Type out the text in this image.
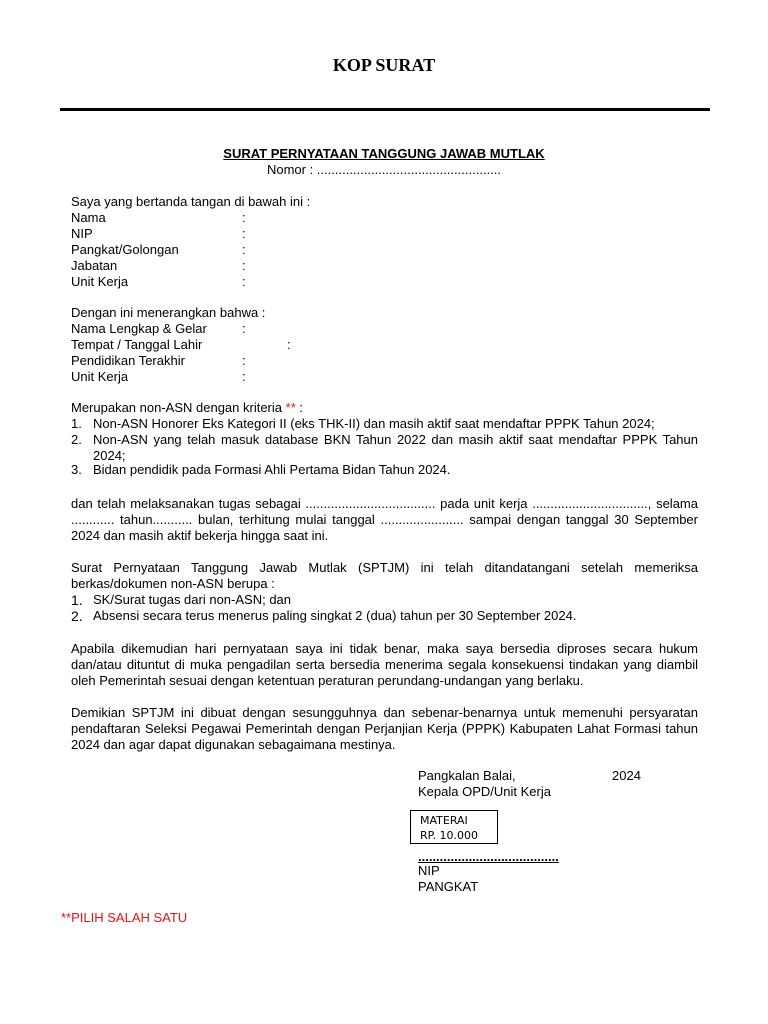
KOP SURAT
SURAT PERNYATAAN TANGGUNG JAWAB MUTLAK
Nomor : ...................................................
Saya yang bertanda tangan di bawah ini :
Nama	:
NIP	:
Pangkat/Golongan	:
Jabatan	:
Unit Kerja	:
Dengan ini menerangkan bahwa :
Nama Lengkap & Gelar	:
Tempat / Tanggal Lahir	:
Pendidikan Terakhir	:
Unit Kerja	:
Merupakan non-ASN dengan kriteria ** :
1. Non-ASN Honorer Eks Kategori II (eks THK-II) dan masih aktif saat mendaftar PPPK Tahun 2024;
2. Non-ASN yang telah masuk database BKN Tahun 2022 dan masih aktif saat mendaftar PPPK Tahun 2024;
3. Bidan pendidik pada Formasi Ahli Pertama Bidan Tahun 2024.
dan telah melaksanakan tugas sebagai .................................... pada unit kerja ................................, selama ............ tahun........... bulan, terhitung mulai tanggal ....................... sampai dengan tanggal 30 September 2024 dan masih aktif bekerja hingga saat ini.
Surat Pernyataan Tanggung Jawab Mutlak (SPTJM) ini telah ditandatangani setelah memeriksa berkas/dokumen non-ASN berupa :
1. SK/Surat tugas dari non-ASN; dan
2. Absensi secara terus menerus paling singkat 2 (dua) tahun per 30 September 2024.
Apabila dikemudian hari pernyataan saya ini tidak benar, maka saya bersedia diproses secara hukum dan/atau dituntut di muka pengadilan serta bersedia menerima segala konsekuensi tindakan yang diambil oleh Pemerintah sesuai dengan ketentuan peraturan perundang-undangan yang berlaku.
Demikian SPTJM ini dibuat dengan sesungguhnya dan sebenar-benarnya untuk memenuhi persyaratan pendaftaran Seleksi Pegawai Pemerintah dengan Perjanjian Kerja (PPPK) Kabupaten Lahat Formasi tahun 2024 dan agar dapat digunakan sebagaimana mestinya.
Pangkalan Balai,	2024
Kepala OPD/Unit Kerja
MATERAI
RP. 10.000
.......................................
NIP
PANGKAT
**PILIH SALAH SATU
